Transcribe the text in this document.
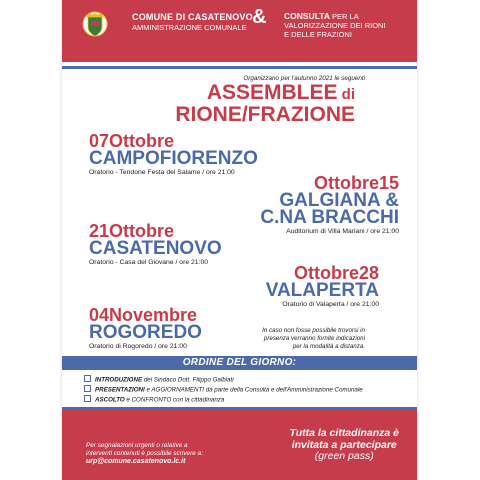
COMUNE DI CASATENOVO
AMMINISTRAZIONE COMUNALE & CONSULTA PER LA
VALORIZZAZIONE DEI RIONI
E DELLE FRAZIONI
Organizzano per l'autunno 2021 le seguenti
ASSEMBLEE di
RIONE/FRAZIONE
07Ottobre
CAMPOFIORENZO
Oratorio - Tendone Festa del Salame / ore 21:00
Ottobre15
GALGIANA &
C.NA BRACCHI
Auditorium di Villa Mariani / ore 21:00
21Ottobre
CASATENOVO
Oratorio - Casa del Giovane / ore 21:00
Ottobre28
VALAPERTA
Oratorio di Valaperta / ore 21:00
04Novembre
ROGOREDO
Oratorio di Rogoredo / ore 21:00
In caso non fosse possibile trovorsi in
presenza verranno fornite indicazioni
per la modalità a distanza.
ORDINE DEL GIORNO:
INTRODUZIONE del Sindaco Dott. Filippo Galbiati
PRESENTAZIONI e AGGIORNAMENTI da parte della Consulta e dell'Amministrazione Comunale
ASCOLTO e CONFRONTO con la cittadinanza
Per segnalazioni urgenti o relative a
interventi contenuti è possibile scrivere a:
urp@comune.casatenovo.lc.it
Tutta la cittadinanza è
invitata a partecipare
(green pass)
